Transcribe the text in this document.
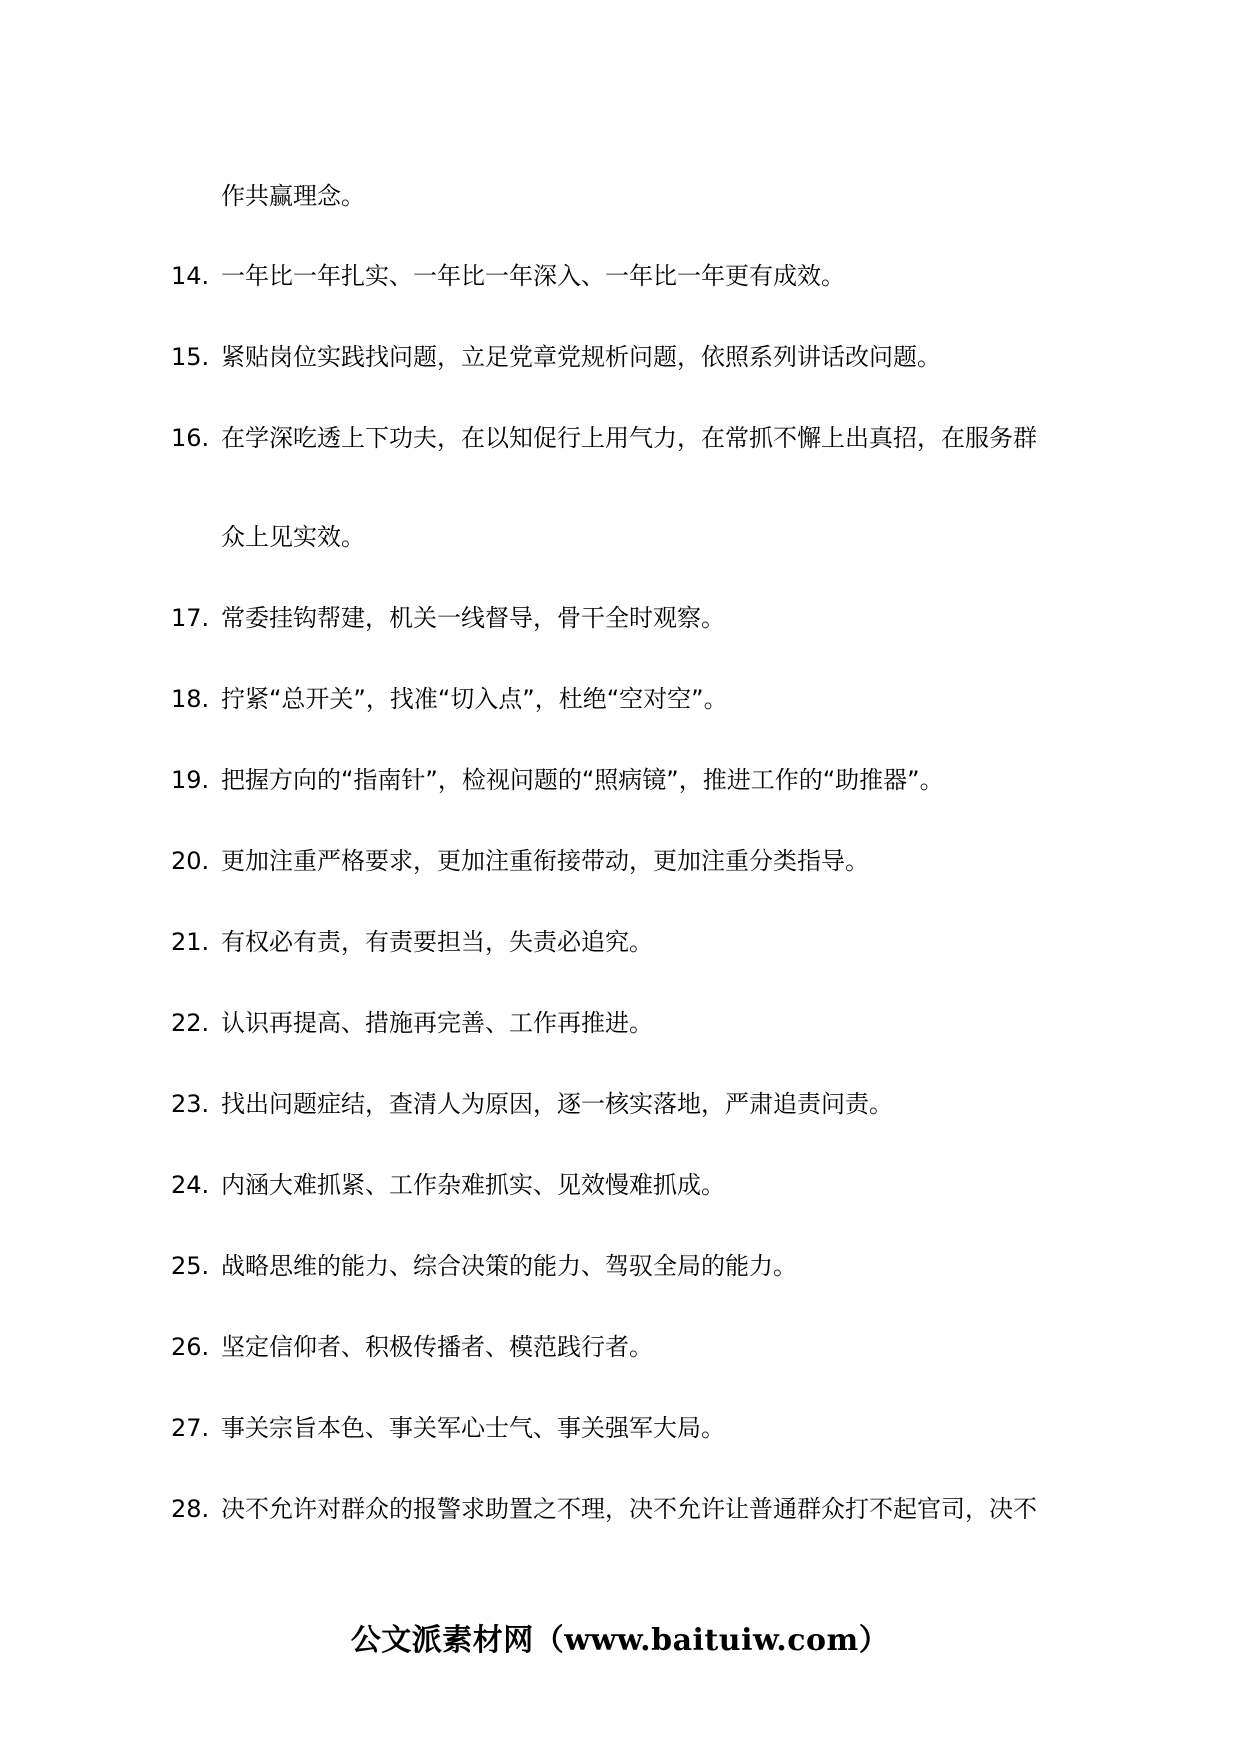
作共赢理念。
14. 一年比一年扎实、一年比一年深入、一年比一年更有成效。
15. 紧贴岗位实践找问题，立足党章党规析问题，依照系列讲话改问题。
16. 在学深吃透上下功夫，在以知促行上用气力，在常抓不懈上出真招，在服务群
众上见实效。
17. 常委挂钩帮建，机关一线督导，骨干全时观察。
18. 拧紧“总开关”，找准“切入点”，杜绝“空对空”。
19. 把握方向的“指南针”，检视问题的“照病镜”，推进工作的“助推器”。
20. 更加注重严格要求，更加注重衔接带动，更加注重分类指导。
21. 有权必有责，有责要担当，失责必追究。
22. 认识再提高、措施再完善、工作再推进。
23. 找出问题症结，查清人为原因，逐一核实落地，严肃追责问责。
24. 内涵大难抓紧、工作杂难抓实、见效慢难抓成。
25. 战略思维的能力、综合决策的能力、驾驭全局的能力。
26. 坚定信仰者、积极传播者、模范践行者。
27. 事关宗旨本色、事关军心士气、事关强军大局。
28. 决不允许对群众的报警求助置之不理，决不允许让普通群众打不起官司，决不
公文派素材网（www.baituiw.com）
